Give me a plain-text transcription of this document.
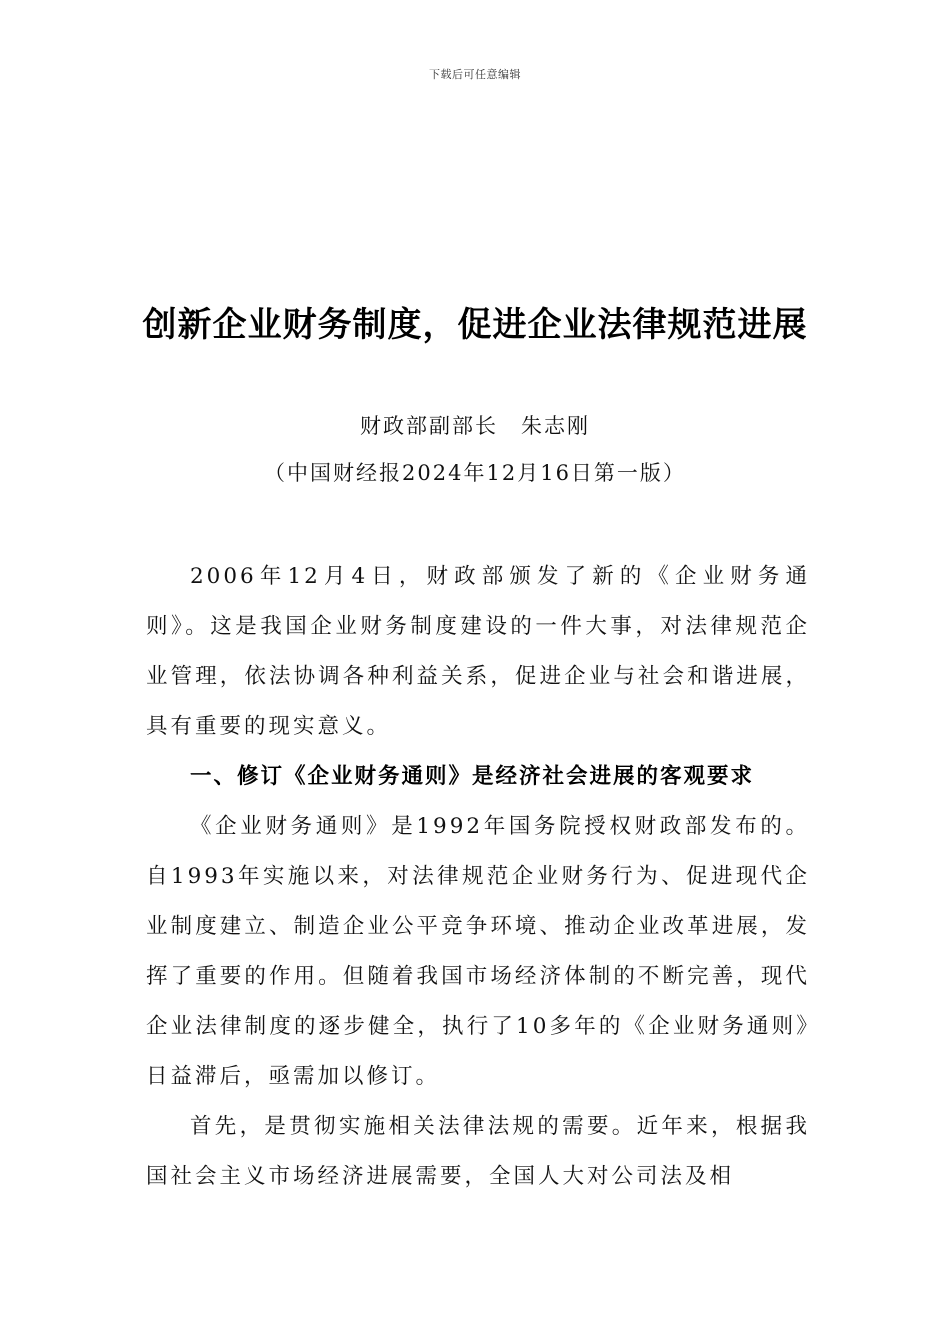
下载后可任意编辑
创新企业财务制度，促进企业法律规范进展
财政部副部长　朱志刚
（中国财经报2024年12月16日第一版）

2006年12月4日，财政部颁发了新的《企业财务通则》。这是我国企业财务制度建设的一件大事，对法律规范企业管理，依法协调各种利益关系，促进企业与社会和谐进展，具有重要的现实意义。

一、修订《企业财务通则》是经济社会进展的客观要求

《企业财务通则》是1992年国务院授权财政部发布的。自1993年实施以来，对法律规范企业财务行为、促进现代企业制度建立、制造企业公平竞争环境、推动企业改革进展，发挥了重要的作用。但随着我国市场经济体制的不断完善，现代企业法律制度的逐步健全，执行了10多年的《企业财务通则》日益滞后，亟需加以修订。

首先，是贯彻实施相关法律法规的需要。近年来，根据我国社会主义市场经济进展需要，全国人大对公司法及相
